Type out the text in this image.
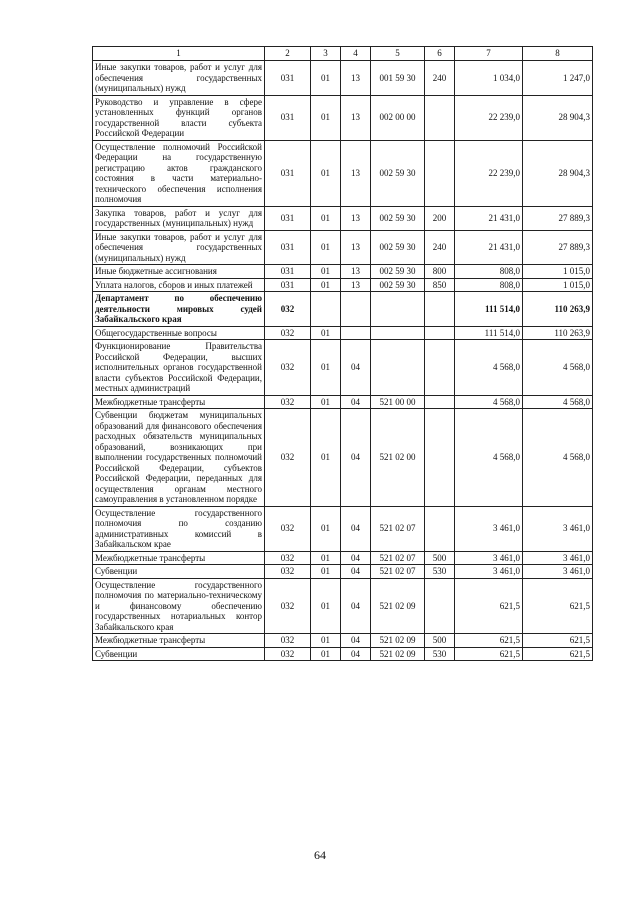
1	2	3	4	5	6	7	8
Иные закупки товаров, работ и услуг для обеспечения государственных (муниципальных) нужд	031	01	13	001 59 30	240	1 034,0	1 247,0
Руководство и управление в сфере установленных функций органов государственной власти субъекта Российской Федерации	031	01	13	002 00 00		22 239,0	28 904,3
Осуществление полномочий Российской Федерации на государственную регистрацию актов гражданского состояния в части материально-технического обеспечения исполнения полномочия	031	01	13	002 59 30		22 239,0	28 904,3
Закупка товаров, работ и услуг для государственных (муниципальных) нужд	031	01	13	002 59 30	200	21 431,0	27 889,3
Иные закупки товаров, работ и услуг для обеспечения государственных (муниципальных) нужд	031	01	13	002 59 30	240	21 431,0	27 889,3
Иные бюджетные ассигнования	031	01	13	002 59 30	800	808,0	1 015,0
Уплата налогов, сборов и иных платежей	031	01	13	002 59 30	850	808,0	1 015,0
Департамент по обеспечению деятельности мировых судей Забайкальского края	032					111 514,0	110 263,9
Общегосударственные вопросы	032	01				111 514,0	110 263,9
Функционирование Правительства Российской Федерации, высших исполнительных органов государственной власти субъектов Российской Федерации, местных администраций	032	01	04			4 568,0	4 568,0
Межбюджетные трансферты	032	01	04	521 00 00		4 568,0	4 568,0
Субвенции бюджетам муниципальных образований для финансового обеспечения расходных обязательств муниципальных образований, возникающих при выполнении государственных полномочий Российской Федерации, субъектов Российской Федерации, переданных для осуществления органам местного самоуправления в установленном порядке	032	01	04	521 02 00		4 568,0	4 568,0
Осуществление государственного полномочия по созданию административных комиссий в Забайкальском крае	032	01	04	521 02 07		3 461,0	3 461,0
Межбюджетные трансферты	032	01	04	521 02 07	500	3 461,0	3 461,0
Субвенции	032	01	04	521 02 07	530	3 461,0	3 461,0
Осуществление государственного полномочия по материально-техническому и финансовому обеспечению государственных нотариальных контор Забайкальского края	032	01	04	521 02 09		621,5	621,5
Межбюджетные трансферты	032	01	04	521 02 09	500	621,5	621,5
Субвенции	032	01	04	521 02 09	530	621,5	621,5
64
